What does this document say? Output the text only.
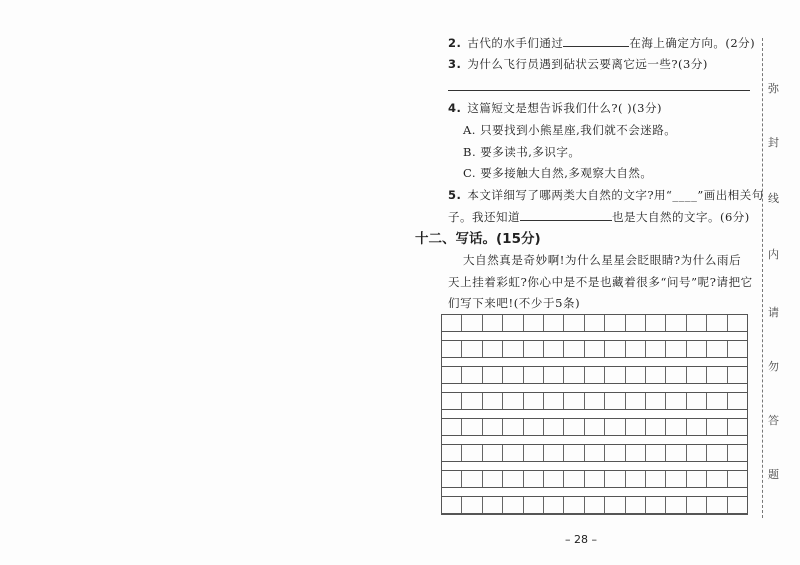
2. 古代的水手们通过	在海上确定方向。(2分)
3. 为什么飞行员遇到砧状云要离它远一些?(3分)
4. 这篇短文是想告诉我们什么?( )(3分)
A. 只要找到小熊星座,我们就不会迷路。
B. 要多读书,多识字。
C. 要多接触大自然,多观察大自然。
5. 本文详细写了哪两类大自然的文字?用“____”画出相关句
子。我还知道	也是大自然的文字。(6分)
十二、写话。(15分)
大自然真是奇妙啊!为什么星星会眨眼睛?为什么雨后
天上挂着彩虹?你心中是不是也藏着很多“问号”呢?请把它
们写下来吧!(不少于5条)
弥
封
线
内
请
勿
答
题
– 28 –
